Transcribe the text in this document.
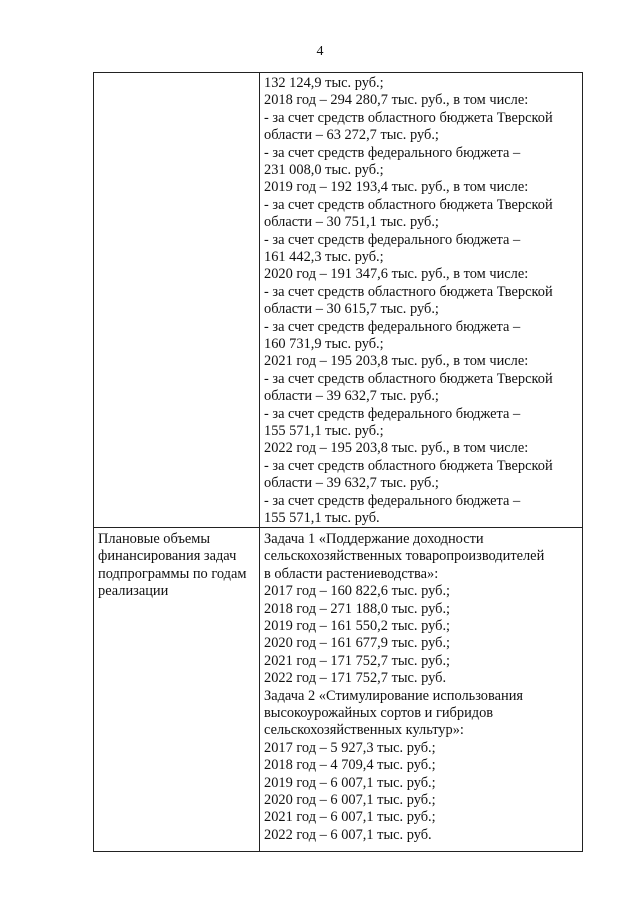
4
132 124,9 тыс. руб.;
2018 год – 294 280,7 тыс. руб., в том числе:
- за счет средств областного бюджета Тверской
области – 63 272,7 тыс. руб.;
- за счет средств федерального бюджета –
231 008,0 тыс. руб.;
2019 год – 192 193,4 тыс. руб., в том числе:
- за счет средств областного бюджета Тверской
области – 30 751,1 тыс. руб.;
- за счет средств федерального бюджета –
161 442,3 тыс. руб.;
2020 год – 191 347,6 тыс. руб., в том числе:
- за счет средств областного бюджета Тверской
области – 30 615,7 тыс. руб.;
- за счет средств федерального бюджета –
160 731,9 тыс. руб.;
2021 год – 195 203,8 тыс. руб., в том числе:
- за счет средств областного бюджета Тверской
области – 39 632,7 тыс. руб.;
- за счет средств федерального бюджета –
155 571,1 тыс. руб.;
2022 год – 195 203,8 тыс. руб., в том числе:
- за счет средств областного бюджета Тверской
области – 39 632,7 тыс. руб.;
- за счет средств федерального бюджета –
155 571,1 тыс. руб.
Плановые объемы
финансирования задач
подпрограммы по годам
реализации
Задача 1 «Поддержание доходности
сельскохозяйственных товаропроизводителей
в области растениеводства»:
2017 год – 160 822,6 тыс. руб.;
2018 год – 271 188,0 тыс. руб.;
2019 год – 161 550,2 тыс. руб.;
2020 год – 161 677,9 тыс. руб.;
2021 год – 171 752,7 тыс. руб.;
2022 год – 171 752,7 тыс. руб.
Задача 2 «Стимулирование использования
высокоурожайных сортов и гибридов
сельскохозяйственных культур»:
2017 год – 5 927,3 тыс. руб.;
2018 год – 4 709,4 тыс. руб.;
2019 год – 6 007,1 тыс. руб.;
2020 год – 6 007,1 тыс. руб.;
2021 год – 6 007,1 тыс. руб.;
2022 год – 6 007,1 тыс. руб.
